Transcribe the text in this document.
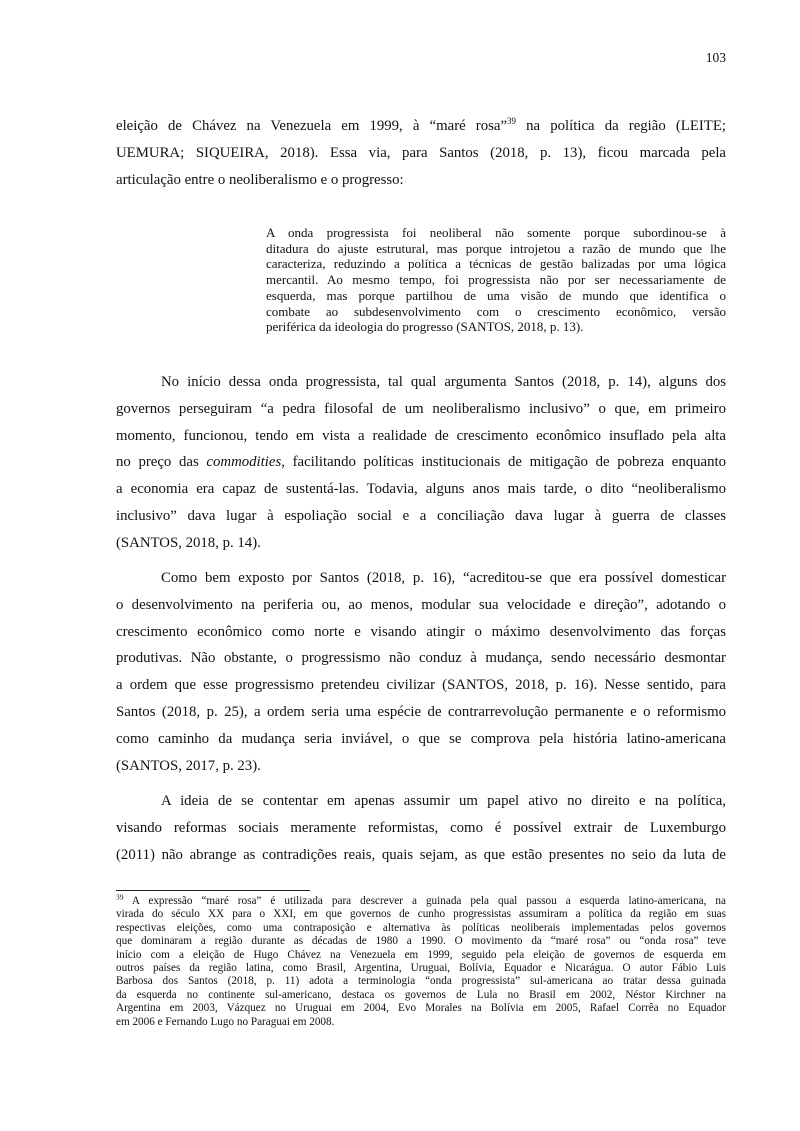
103

eleição de Chávez na Venezuela em 1999, à “maré rosa”$^{39}$ na política da região (LEITE;
UEMURA; SIQUEIRA, 2018). Essa via, para Santos (2018, p. 13), ficou marcada pela
articulação entre o neoliberalismo e o progresso:

A onda progressista foi neoliberal não somente porque subordinou-se à
ditadura do ajuste estrutural, mas porque introjetou a razão de mundo que lhe
caracteriza, reduzindo a política a técnicas de gestão balizadas por uma lógica
mercantil. Ao mesmo tempo, foi progressista não por ser necessariamente de
esquerda, mas porque partilhou de uma visão de mundo que identifica o
combate ao subdesenvolvimento com o crescimento econômico, versão
periférica da ideologia do progresso (SANTOS, 2018, p. 13).

No início dessa onda progressista, tal qual argumenta Santos (2018, p. 14), alguns dos
governos perseguiram “a pedra filosofal de um neoliberalismo inclusivo” o que, em primeiro
momento, funcionou, tendo em vista a realidade de crescimento econômico insuflado pela alta
no preço das commodities, facilitando políticas institucionais de mitigação de pobreza enquanto
a economia era capaz de sustentá-las. Todavia, alguns anos mais tarde, o dito “neoliberalismo
inclusivo” dava lugar à espoliação social e a conciliação dava lugar à guerra de classes
(SANTOS, 2018, p. 14).

Como bem exposto por Santos (2018, p. 16), “acreditou-se que era possível domesticar
o desenvolvimento na periferia ou, ao menos, modular sua velocidade e direção”, adotando o
crescimento econômico como norte e visando atingir o máximo desenvolvimento das forças
produtivas. Não obstante, o progressismo não conduz à mudança, sendo necessário desmontar
a ordem que esse progressismo pretendeu civilizar (SANTOS, 2018, p. 16). Nesse sentido, para
Santos (2018, p. 25), a ordem seria uma espécie de contrarrevolução permanente e o reformismo
como caminho da mudança seria inviável, o que se comprova pela história latino-americana
(SANTOS, 2017, p. 23).

A ideia de se contentar em apenas assumir um papel ativo no direito e na política,
visando reformas sociais meramente reformistas, como é possível extrair de Luxemburgo
(2011) não abrange as contradições reais, quais sejam, as que estão presentes no seio da luta de

$^{39}$ A expressão “maré rosa” é utilizada para descrever a guinada pela qual passou a esquerda latino-americana, na
virada do século XX para o XXI, em que governos de cunho progressistas assumiram a política da região em suas
respectivas eleições, como uma contraposição e alternativa às políticas neoliberais implementadas pelos governos
que dominaram a região durante as décadas de 1980 a 1990. O movimento da “maré rosa” ou “onda rosa” teve
início com a eleição de Hugo Chávez na Venezuela em 1999, seguido pela eleição de governos de esquerda em
outros países da região latina, como Brasil, Argentina, Uruguai, Bolívia, Equador e Nicarágua. O autor Fábio Luis
Barbosa dos Santos (2018, p. 11) adota a terminologia “onda progressista” sul-americana ao tratar dessa guinada
da esquerda no continente sul-americano, destaca os governos de Lula no Brasil em 2002, Néstor Kirchner na
Argentina em 2003, Vázquez no Uruguai em 2004, Evo Morales na Bolívia em 2005, Rafael Corrêa no Equador
em 2006 e Fernando Lugo no Paraguai em 2008.
